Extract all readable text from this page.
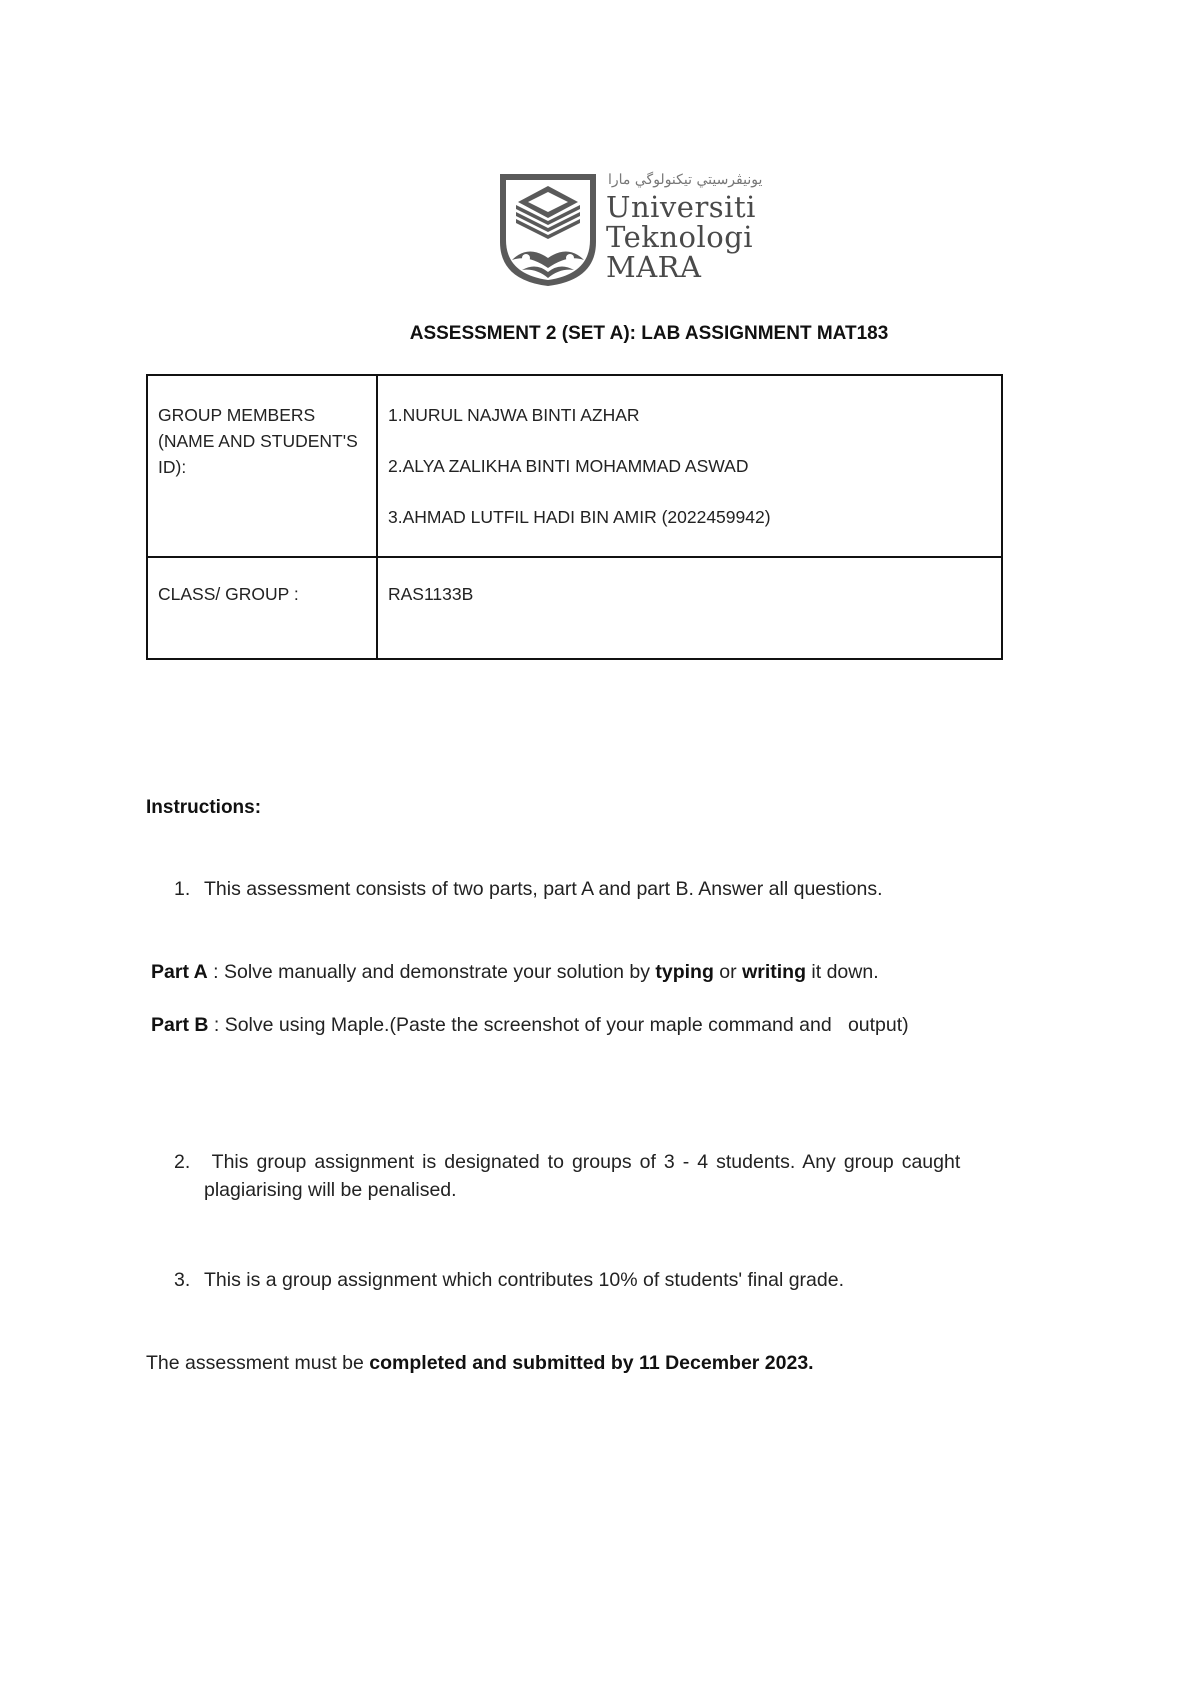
ﯾﻮﻧﯿﭭﺮﺳﯿﺘﻲ ﺗﯿﻜﻨﻮﻟﻮﮔﻲ ﻣﺎرا
Universiti
Teknologi
MARA
ASSESSMENT 2 (SET A): LAB ASSIGNMENT MAT183
GROUP MEMBERS (NAME AND STUDENT'S ID):	1.NURUL NAJWA BINTI AZHAR
2.ALYA ZALIKHA BINTI MOHAMMAD ASWAD
3.AHMAD LUTFIL HADI BIN AMIR (2022459942)

CLASS/ GROUP :	RAS1133B
Instructions:
1. This assessment consists of two parts, part A and part B. Answer all questions.
Part A : Solve manually and demonstrate your solution by typing or writing it down.
Part B : Solve using Maple.(Paste the screenshot of your maple command and   output)
2. This group assignment is designated to groups of 3 - 4 students. Any group caught
plagiarising will be penalised.
3. This is a group assignment which contributes 10% of students' final grade.
The assessment must be completed and submitted by 11 December 2023.
